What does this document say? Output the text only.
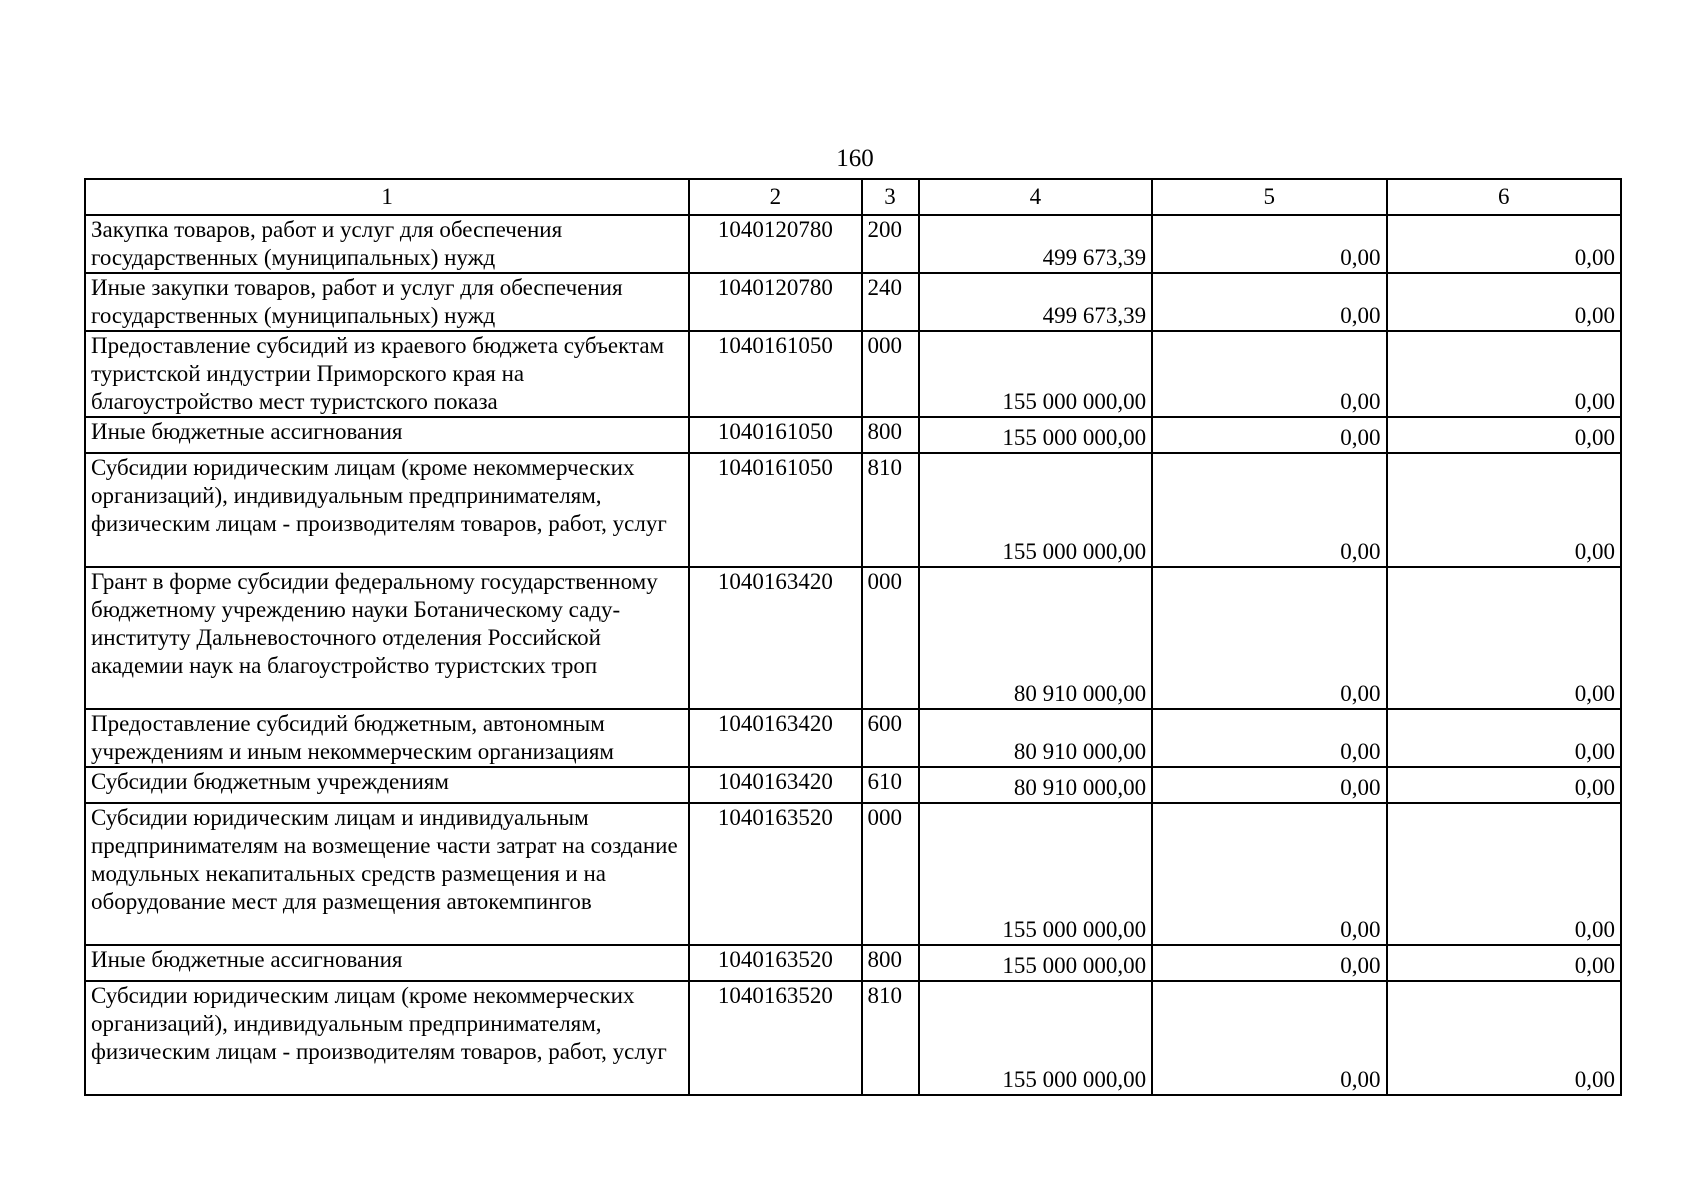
160
1	2	3	4	5	6
Закупка товаров, работ и услуг для обеспечения государственных (муниципальных) нужд	1040120780	200	499 673,39	0,00	0,00
Иные закупки товаров, работ и услуг для обеспечения государственных (муниципальных) нужд	1040120780	240	499 673,39	0,00	0,00
Предоставление субсидий из краевого бюджета субъектам туристской индустрии Приморского края на благоустройство мест туристского показа	1040161050	000	155 000 000,00	0,00	0,00
Иные бюджетные ассигнования	1040161050	800	155 000 000,00	0,00	0,00
Субсидии юридическим лицам (кроме некоммерческих организаций), индивидуальным предпринимателям, физическим лицам - производителям товаров, работ, услуг	1040161050	810	155 000 000,00	0,00	0,00
Грант в форме субсидии федеральному государственному бюджетному учреждению науки Ботаническому саду-институту Дальневосточного отделения Российской академии наук на благоустройство туристских троп	1040163420	000	80 910 000,00	0,00	0,00
Предоставление субсидий бюджетным, автономным учреждениям и иным некоммерческим организациям	1040163420	600	80 910 000,00	0,00	0,00
Субсидии бюджетным учреждениям	1040163420	610	80 910 000,00	0,00	0,00
Субсидии юридическим лицам и индивидуальным предпринимателям на возмещение части затрат на создание модульных некапитальных средств размещения и на оборудование мест для размещения автокемпингов	1040163520	000	155 000 000,00	0,00	0,00
Иные бюджетные ассигнования	1040163520	800	155 000 000,00	0,00	0,00
Субсидии юридическим лицам (кроме некоммерческих организаций), индивидуальным предпринимателям, физическим лицам - производителям товаров, работ, услуг	1040163520	810	155 000 000,00	0,00	0,00
